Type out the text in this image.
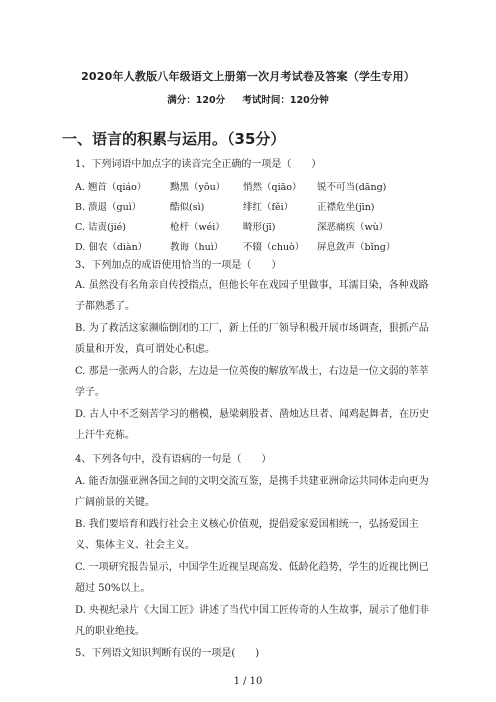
2020年人教版八年级语文上册第一次月考试卷及答案（学生专用）
满分：120分 考试时间：120分钟
一、语言的积累与运用。（35分）
1、下列词语中加点字的读音完全正确的一项是（　　）
A. 翘首（qiáo） 黝黑（yǒu） 悄然（qiāo） 锐不可当(dāng)
B. 溃退（guì）	酷似(sì)	绯红（fěi）	正襟危坐(jīn)
C. 诘责(jié)	枪杆（wéi） 畸形(jī)	深恶痛疾（wù）
D. 佃农（diàn） 教诲（huì） 不辍（chuò） 屏息敛声（bǐng）
3、下列加点的成语使用恰当的一项是（　　）
A. 虽然没有名角亲自传授指点，但他长年在戏园子里做事，耳濡目染，各种戏路子都熟悉了。
B. 为了救活这家濒临倒闭的工厂，新上任的厂领导积极开展市场调查，狠抓产品质量和开发，真可谓处心积虑。
C. 那是一张两人的合影，左边是一位英俊的解放军战士，右边是一位文弱的莘莘学子。
D. 古人中不乏刻苦学习的楷模，悬梁刺股者、凿烛达旦者、闻鸡起舞者，在历史上汗牛充栋。
4、下列各句中，没有语病的一句是（　　）
A. 能否加强亚洲各国之间的文明交流互鉴，是携手共建亚洲命运共同体走向更为广阔前景的关键。
B. 我们要培育和践行社会主义核心价值观，提倡爱家爱国相统一，弘扬爱国主义、集体主义、社会主义。
C. 一项研究报告显示，中国学生近视呈现高发、低龄化趋势，学生的近视比例已超过 50%以上。
D. 央视纪录片《大国工匠》讲述了当代中国工匠传奇的人生故事，展示了他们非凡的职业绝技。
5、下列语文知识判断有误的一项是(　　)
1 / 10
